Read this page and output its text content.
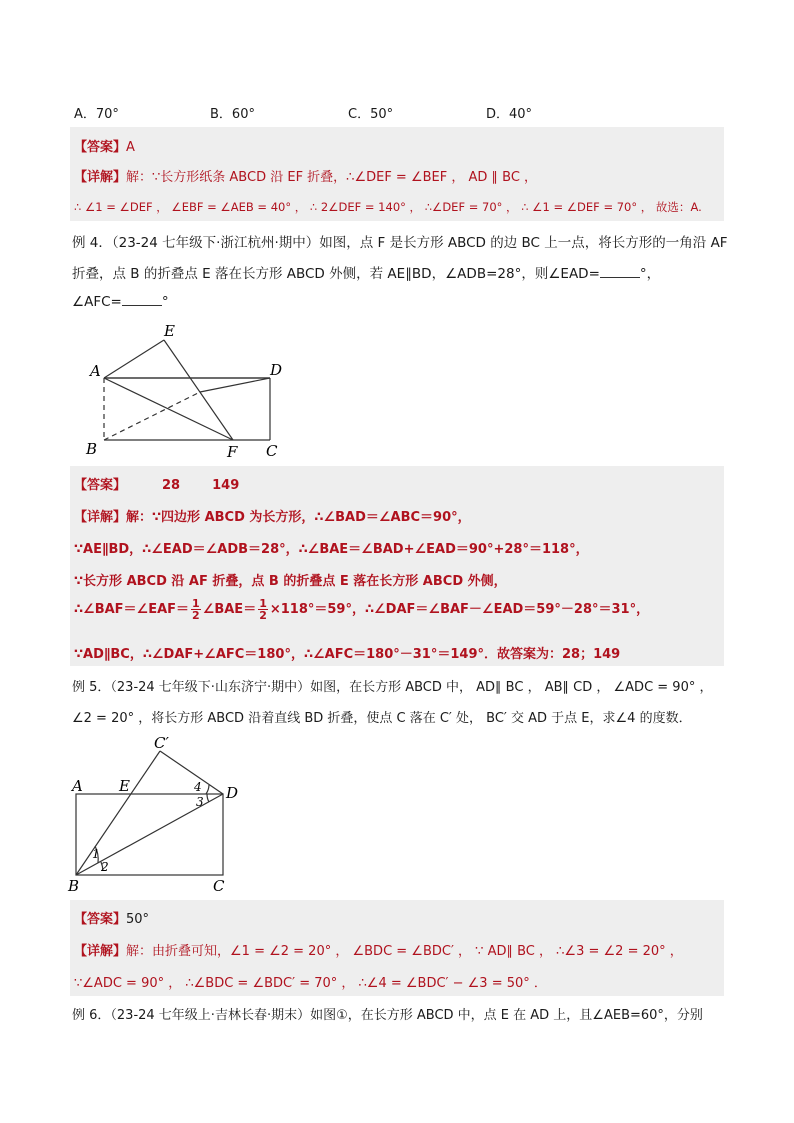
A．70°	B．60°	C．50°	D．40°
【答案】A
【详解】解：∵长方形纸条 ABCD 沿 EF 折叠，∴∠DEF = ∠BEF ， AD ∥ BC ，
∴ ∠1 = ∠DEF ， ∠EBF = ∠AEB = 40° ， ∴ 2∠DEF = 140° ， ∴∠DEF = 70° ， ∴ ∠1 = ∠DEF = 70° ， 故选：A.
例 4．（23-24 七年级下·浙江杭州·期中）如图，点 F 是长方形 ABCD 的边 BC 上一点，将长方形的一角沿 AF
折叠，点 B 的折叠点 E 落在长方形 ABCD 外侧，若 AE∥BD，∠ADB=28°，则∠EAD=	°，
∠AFC=	°
A
B	C
D
E
F
【答案】	28 149
【详解】解：∵四边形 ABCD 为长方形，∴∠BAD＝∠ABC＝90°，
∵AE∥BD，∴∠EAD＝∠ADB＝28°，∴∠BAE＝∠BAD+∠EAD＝90°+28°＝118°，
∵长方形 ABCD 沿 AF 折叠，点 B 的折叠点 E 落在长方形 ABCD 外侧，
∴∠BAF＝∠EAF＝ $\frac{1}{2}$ ∠BAE＝ $\frac{1}{2} \times 118^\circ=59^\circ$，∴∠DAF＝∠BAF－∠EAD＝59°－28°＝31°，
∵AD∥BC，∴∠DAF+∠AFC＝180°，∴∠AFC＝180°－31°＝149°．故答案为：28；149
例 5．（23-24 七年级下·山东济宁·期中）如图，在长方形 ABCD 中， AD∥ BC ， AB∥ CD ， ∠ADC = 90° ，
∠2 = 20° ，将长方形 ABCD 沿着直线 BD 折叠，使点 C 落在 C′ 处， BC′ 交 AD 于点 E，求∠4 的度数．
A
B	C
D
E
C′
1
2
3
4
【答案】50°
【详解】解：由折叠可知，∠1 = ∠2 = 20° ， ∠BDC = ∠BDC′ ， ∵ AD∥ BC ， ∴∠3 = ∠2 = 20° ，
∵∠ADC = 90° ， ∴∠BDC = ∠BDC′ = 70° ， ∴∠4 = ∠BDC′ − ∠3 = 50° ．
例 6．（23-24 七年级上·吉林长春·期末）如图①，在长方形 ABCD 中，点 E 在 AD 上，且∠AEB=60°，分别
